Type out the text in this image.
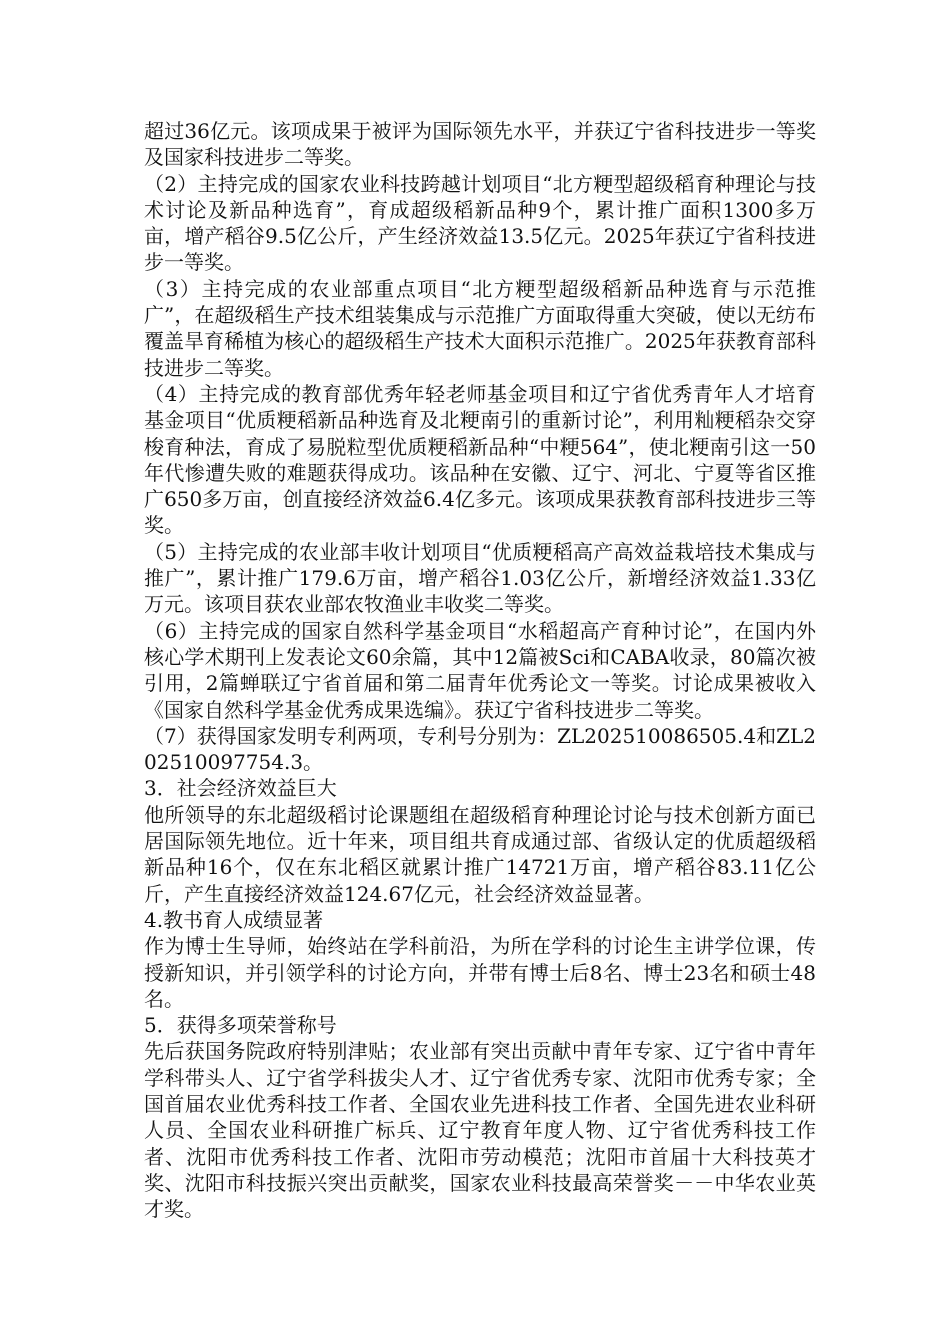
超过36亿元。该项成果于被评为国际领先水平，并获辽宁省科技进步一等奖及国家科技进步二等奖。

（2）主持完成的国家农业科技跨越计划项目“北方粳型超级稻育种理论与技术讨论及新品种选育”，育成超级稻新品种9个，累计推广面积1300多万亩，增产稻谷9.5亿公斤，产生经济效益13.5亿元。2025年获辽宁省科技进步一等奖。

（3）主持完成的农业部重点项目“北方粳型超级稻新品种选育与示范推广”，在超级稻生产技术组装集成与示范推广方面取得重大突破，使以无纺布覆盖旱育稀植为核心的超级稻生产技术大面积示范推广。2025年获教育部科技进步二等奖。

（4）主持完成的教育部优秀年轻老师基金项目和辽宁省优秀青年人才培育基金项目“优质粳稻新品种选育及北粳南引的重新讨论”，利用籼粳稻杂交穿梭育种法，育成了易脱粒型优质粳稻新品种“中粳564”，使北粳南引这一50年代惨遭失败的难题获得成功。该品种在安徽、辽宁、河北、宁夏等省区推广650多万亩，创直接经济效益6.4亿多元。该项成果获教育部科技进步三等奖。

（5）主持完成的农业部丰收计划项目“优质粳稻高产高效益栽培技术集成与推广”，累计推广179.6万亩，增产稻谷1.03亿公斤，新增经济效益1.33亿万元。该项目获农业部农牧渔业丰收奖二等奖。

（6）主持完成的国家自然科学基金项目“水稻超高产育种讨论”，在国内外核心学术期刊上发表论文60余篇，其中12篇被Sci和CABA收录，80篇次被引用，2篇蝉联辽宁省首届和第二届青年优秀论文一等奖。讨论成果被收入《国家自然科学基金优秀成果选编》。获辽宁省科技进步二等奖。

（7）获得国家发明专利两项，专利号分别为：ZL202510086505.4和ZL202510097754.3。

3．社会经济效益巨大

他所领导的东北超级稻讨论课题组在超级稻育种理论讨论与技术创新方面已居国际领先地位。近十年来，项目组共育成通过部、省级认定的优质超级稻新品种16个，仅在东北稻区就累计推广14721万亩，增产稻谷83.11亿公斤，产生直接经济效益124.67亿元，社会经济效益显著。

4.教书育人成绩显著

作为博士生导师，始终站在学科前沿，为所在学科的讨论生主讲学位课，传授新知识，并引领学科的讨论方向，并带有博士后8名、博士23名和硕士48名。

5．获得多项荣誉称号

先后获国务院政府特别津贴；农业部有突出贡献中青年专家、辽宁省中青年学科带头人、辽宁省学科拔尖人才、辽宁省优秀专家、沈阳市优秀专家；全国首届农业优秀科技工作者、全国农业先进科技工作者、全国先进农业科研人员、全国农业科研推广标兵、辽宁教育年度人物、辽宁省优秀科技工作者、沈阳市优秀科技工作者、沈阳市劳动模范；沈阳市首届十大科技英才奖、沈阳市科技振兴突出贡献奖，国家农业科技最高荣誉奖－－中华农业英才奖。
